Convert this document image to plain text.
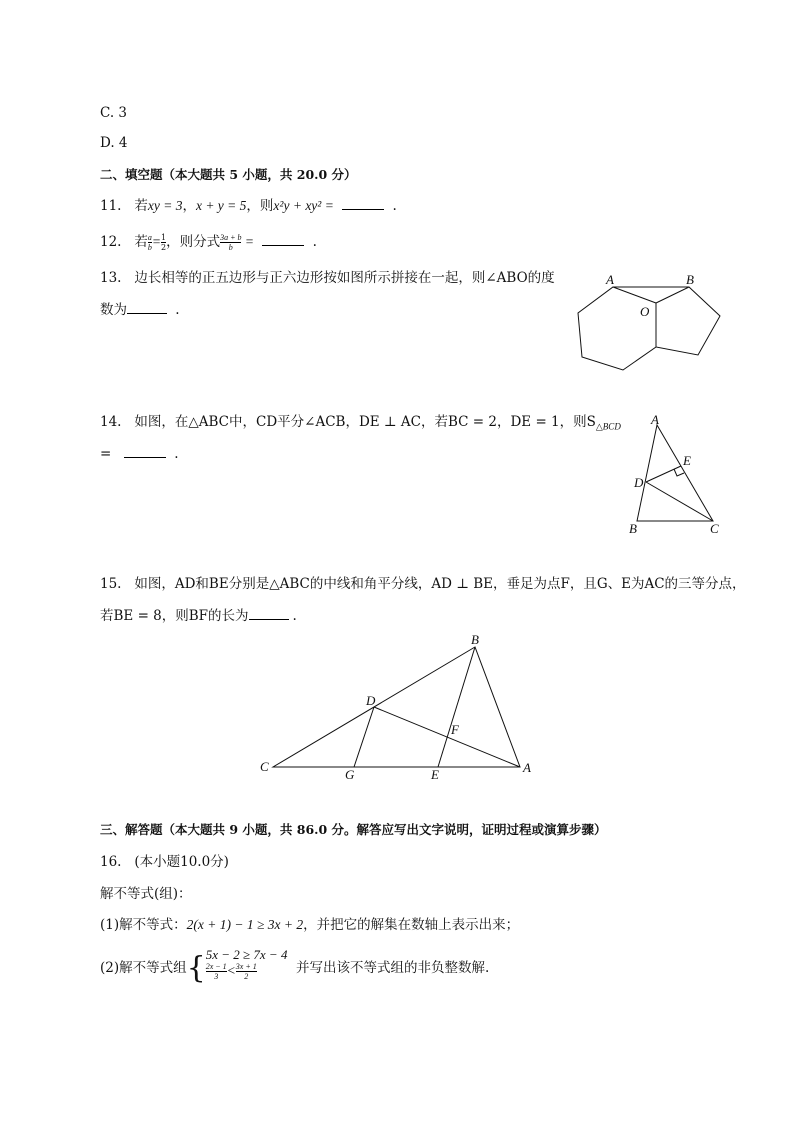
C. 3
D. 4
二、填空题（本大题共 5 小题，共 20.0 分）
11. 若xy = 3，x + y = 5，则x²y + xy² =	.
12. 若 $\frac{a}{b} = \frac{1}{2}$ ，则分式 $\frac{3a + b}{b}$ =	.
13. 边长相等的正五边形与正六边形按如图所示拼接在一起，则∠ABO的度
数为	.
A	B
O
14. 如图，在△ABC中，CD平分∠ACB，DE ⊥ AC，若BC = 2，DE = 1，则$S_{\triangle BCD}$
=	.
A
E
D
B	C
15. 如图，AD和BE分别是△ABC的中线和角平分线，AD ⊥ BE，垂足为点F，且G、E为AC的三等分点，
若BE = 8，则BF的长为	.
B
D
F
C
G	E	A
三、解答题（本大题共 9 小题，共 86.0 分。解答应写出文字说明，证明过程或演算步骤）
16. (本小题10.0分)
解不等式(组)：
(1)解不等式：2(x + 1) − 1 ≥ 3x + 2，并把它的解集在数轴上表示出来；
(2)解不等式组{ 5x − 2 ≥ 7x − 4
$\frac{2x - 1}{3} < \frac{3x + 1}{2}$	并写出该不等式组的非负整数解.
